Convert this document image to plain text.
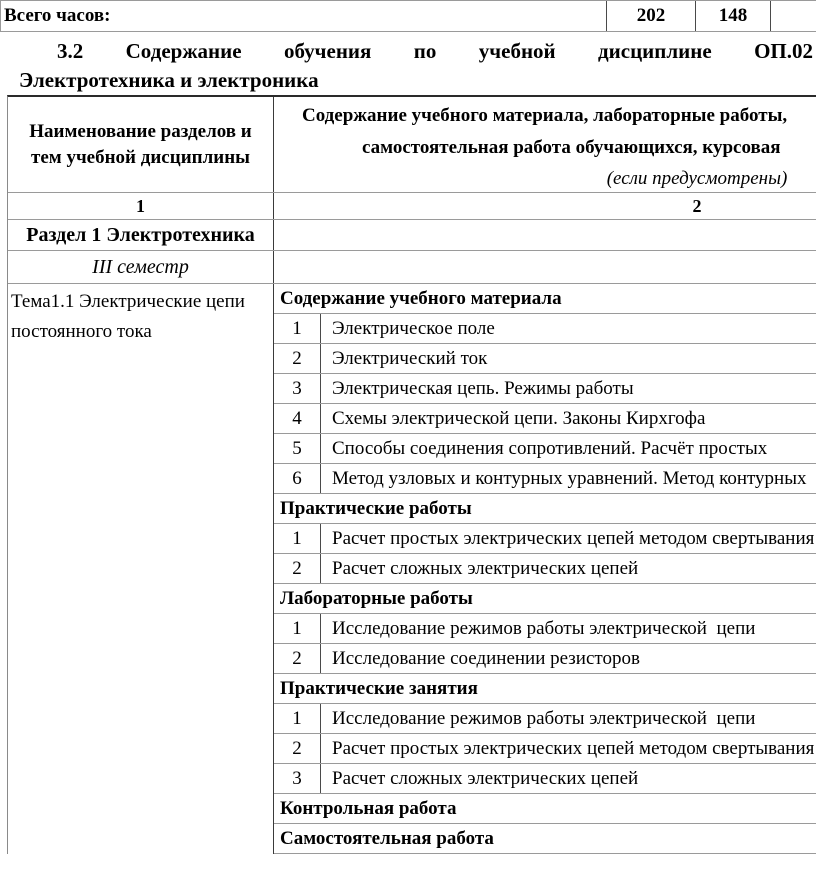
Всего часов:	202	148
3.2 Содержание обучения по учебной дисциплине ОП.02
Электротехника и электроника
Наименование разделов и
тем учебной дисциплины
Содержание учебного материала, лабораторные работы,
самостоятельная работа обучающихся, курсовая
(если предусмотрены)
1	2
Раздел 1 Электротехника
III семестр
Тема1.1 Электрические цепи постоянного тока
Содержание учебного материала
1	Электрическое поле
2	Электрический ток
3	Электрическая цепь. Режимы работы
4	Схемы электрической цепи. Законы Кирхгофа
5	Способы соединения сопротивлений. Расчёт простых
6	Метод узловых и контурных уравнений. Метод контурных
Практические работы
1	Расчет простых электрических цепей методом свертывания
2	Расчет сложных электрических цепей
Лабораторные работы
1	Исследование режимов работы электрической  цепи
2	Исследование соединении резисторов
Практические занятия
1	Исследование режимов работы электрической  цепи
2	Расчет простых электрических цепей методом свертывания
3	Расчет сложных электрических цепей
Контрольная работа
Самостоятельная работа
